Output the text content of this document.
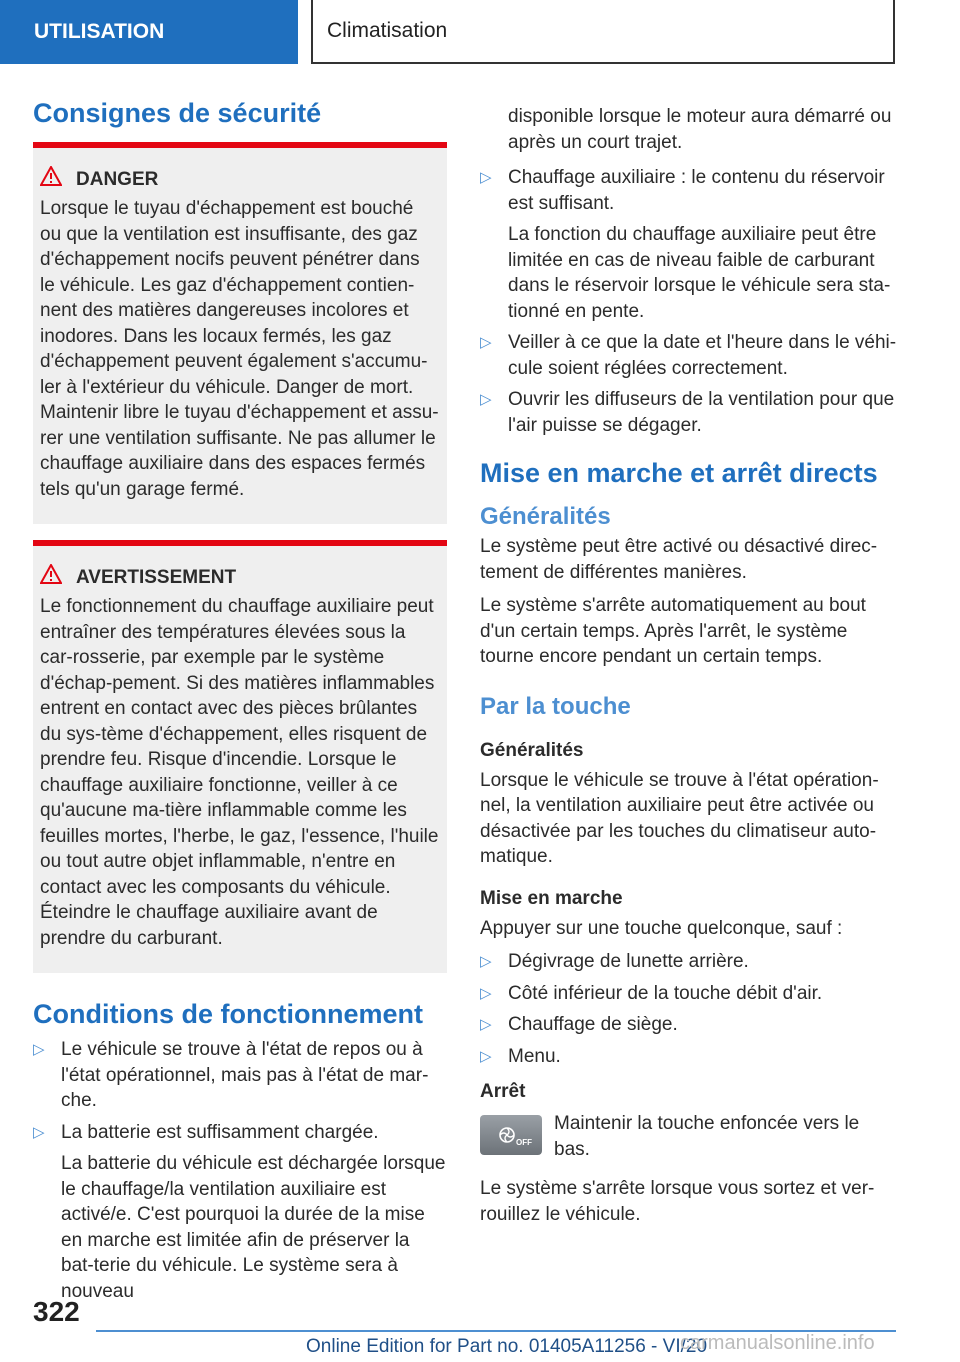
UTILISATION	Climatisation
Consignes de sécurité
DANGER

Lorsque le tuyau d'échappement est bouché ou que la ventilation est insuffisante, des gaz d'échappement nocifs peuvent pénétrer dans le véhicule. Les gaz d'échappement contien-nent des matières dangereuses incolores et inodores. Dans les locaux fermés, les gaz d'échappement peuvent également s'accumu-ler à l'extérieur du véhicule. Danger de mort. Maintenir libre le tuyau d'échappement et assu-rer une ventilation suffisante. Ne pas allumer le chauffage auxiliaire dans des espaces fermés tels qu'un garage fermé.

AVERTISSEMENT

Le fonctionnement du chauffage auxiliaire peut entraîner des températures élevées sous la car-rosserie, par exemple par le système d'échap-pement. Si des matières inflammables entrent en contact avec des pièces brûlantes du sys-tème d'échappement, elles risquent de prendre feu. Risque d'incendie. Lorsque le chauffage auxiliaire fonctionne, veiller à ce qu'aucune ma-tière inflammable comme les feuilles mortes, l'herbe, le gaz, l'essence, l'huile ou tout autre objet inflammable, n'entre en contact avec les composants du véhicule. Éteindre le chauffage auxiliaire avant de prendre du carburant.

Conditions de fonctionnement
▷ Le véhicule se trouve à l'état de repos ou à l'état opérationnel, mais pas à l'état de mar-che.
▷ La batterie est suffisamment chargée.
La batterie du véhicule est déchargée lorsque le chauffage/la ventilation auxiliaire est activé/e. C'est pourquoi la durée de la mise en marche est limitée afin de préserver la bat-terie du véhicule. Le système sera à nouveau

disponible lorsque le moteur aura démarré ou après un court trajet.

▷ Chauffage auxiliaire : le contenu du réservoir est suffisant.
La fonction du chauffage auxiliaire peut être limitée en cas de niveau faible de carburant dans le réservoir lorsque le véhicule sera sta-tionné en pente.
▷ Veiller à ce que la date et l'heure dans le véhi-cule soient réglées correctement.
▷ Ouvrir les diffuseurs de la ventilation pour que l'air puisse se dégager.
Mise en marche et arrêt directs
Généralités

Le système peut être activé ou désactivé direc-tement de différentes manières.

Le système s'arrête automatiquement au bout d'un certain temps. Après l'arrêt, le système tourne encore pendant un certain temps.

Par la touche
Généralités

Lorsque le véhicule se trouve à l'état opération-nel, la ventilation auxiliaire peut être activée ou désactivée par les touches du climatiseur auto-matique.

Mise en marche

Appuyer sur une touche quelconque, sauf :

▷ Dégivrage de lunette arrière.
▷ Côté inférieur de la touche débit d'air.
▷ Chauffage de siège.
▷ Menu.
Arrêt
OFF

Maintenir la touche enfoncée vers le bas.

Le système s'arrête lorsque vous sortez et ver-rouillez le véhicule.

322
Online Edition for Part no. 01405A11256 - VI/20
carmanualsonline.info
